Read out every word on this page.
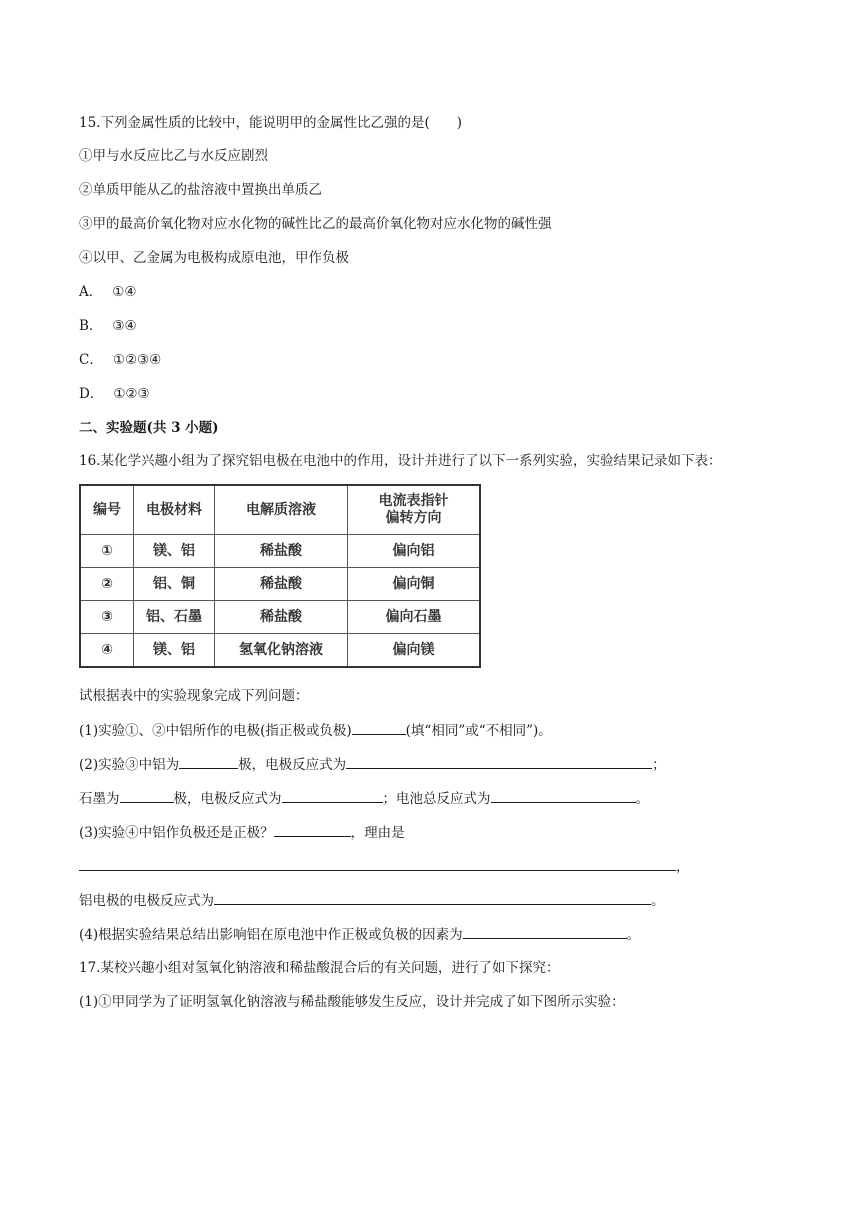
15.下列金属性质的比较中，能说明甲的金属性比乙强的是(　　)
①甲与水反应比乙与水反应剧烈
②单质甲能从乙的盐溶液中置换出单质乙
③甲的最高价氧化物对应水化物的碱性比乙的最高价氧化物对应水化物的碱性强
④以甲、乙金属为电极构成原电池，甲作负极
A． ①④
B． ③④
C． ①②③④
D． ①②③
二、实验题(共 3 小题)
16.某化学兴趣小组为了探究铝电极在电池中的作用，设计并进行了以下一系列实验，实验结果记录如下表：
编号	电极材料	电解质溶液	电流表指针
偏转方向
①	镁、铝	稀盐酸	偏向铝
②	铝、铜	稀盐酸	偏向铜
③	铝、石墨	稀盐酸	偏向石墨
④	镁、铝	氢氧化钠溶液	偏向镁
试根据表中的实验现象完成下列问题：
(1)实验①、②中铝所作的电极(指正极或负极)	(填“相同”或“不相同”)。
(2)实验③中铝为	极，电极反应式为	；
石墨为	极，电极反应式为	；电池总反应式为	。
(3)实验④中铝作负极还是正极？	，理由是
，
铝电极的电极反应式为	。
(4)根据实验结果总结出影响铝在原电池中作正极或负极的因素为	。
17.某校兴趣小组对氢氧化钠溶液和稀盐酸混合后的有关问题，进行了如下探究：
(1)①甲同学为了证明氢氧化钠溶液与稀盐酸能够发生反应，设计并完成了如下图所示实验：
